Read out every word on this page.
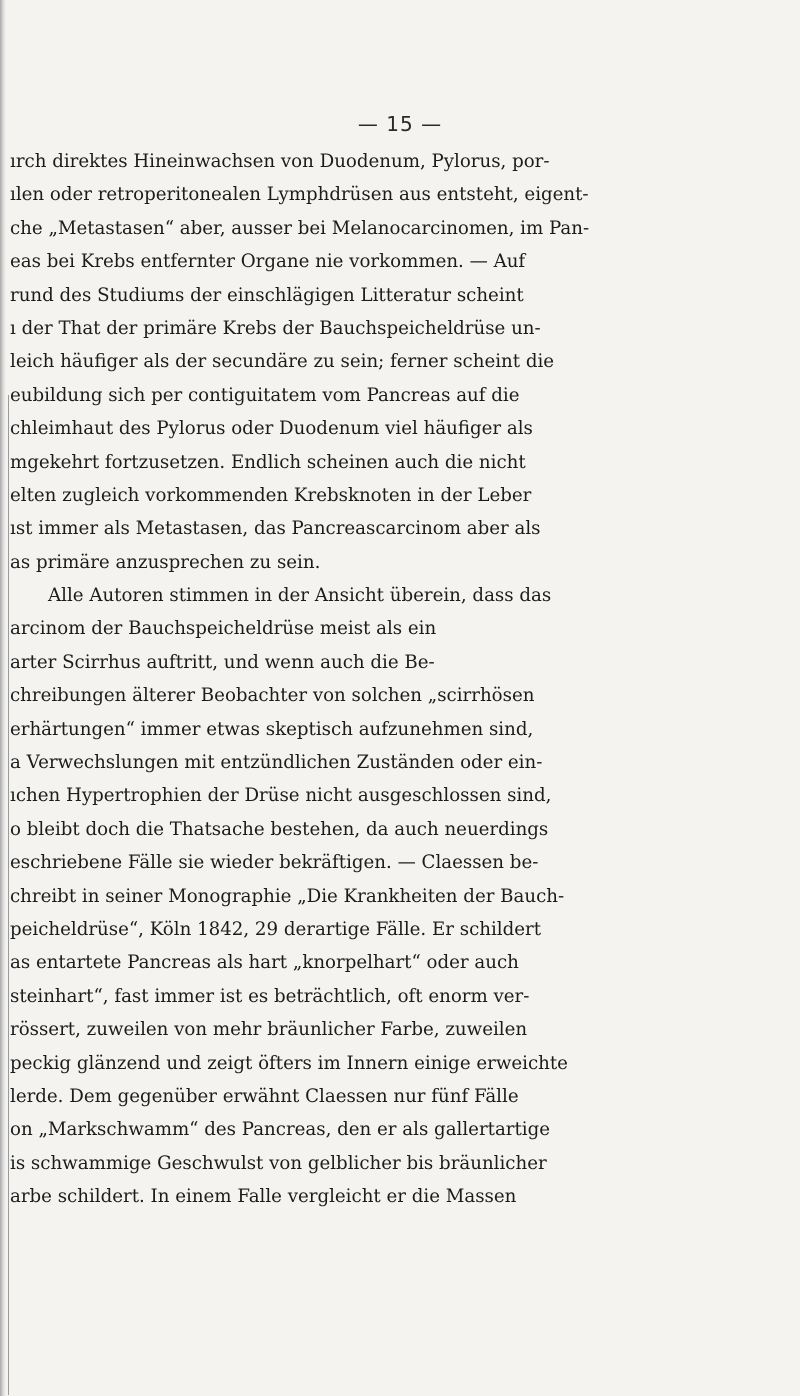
— 15 —
ırch direktes Hineinwachsen von Duodenum, Pylorus, por-
ılen oder retroperitonealen Lymphdrüsen aus entsteht, eigent-
che „Metastasen“ aber, ausser bei Melanocarcinomen, im Pan-
eas bei Krebs entfernter Organe nie vorkommen. — Auf
rund des Studiums der einschlägigen Litteratur scheint
ı der That der primäre Krebs der Bauchspeicheldrüse un-
leich häufiger als der secundäre zu sein; ferner scheint die
eubildung sich per contiguitatem vom Pancreas auf die
chleimhaut des Pylorus oder Duodenum viel häufiger als
mgekehrt fortzusetzen. Endlich scheinen auch die nicht
elten zugleich vorkommenden Krebsknoten in der Leber
ıst immer als Metastasen, das Pancreascarcinom aber als
as primäre anzusprechen zu sein.
Alle Autoren stimmen in der Ansicht überein, dass das
arcinom der Bauchspeicheldrüse meist als ein
arter Scirrhus auftritt, und wenn auch die Be-
chreibungen älterer Beobachter von solchen „scirrhösen
erhärtungen“ immer etwas skeptisch aufzunehmen sind,
a Verwechslungen mit entzündlichen Zuständen oder ein-
ıchen Hypertrophien der Drüse nicht ausgeschlossen sind,
o bleibt doch die Thatsache bestehen, da auch neuerdings
eschriebene Fälle sie wieder bekräftigen. — Claessen be-
chreibt in seiner Monographie „Die Krankheiten der Bauch-
peicheldrüse“, Köln 1842, 29 derartige Fälle. Er schildert
as entartete Pancreas als hart „knorpelhart“ oder auch
steinhart“, fast immer ist es beträchtlich, oft enorm ver-
rössert, zuweilen von mehr bräunlicher Farbe, zuweilen
peckig glänzend und zeigt öfters im Innern einige erweichte
lerde. Dem gegenüber erwähnt Claessen nur fünf Fälle
on „Markschwamm“ des Pancreas, den er als gallertartige
is schwammige Geschwulst von gelblicher bis bräunlicher
arbe schildert. In einem Falle vergleicht er die Massen
